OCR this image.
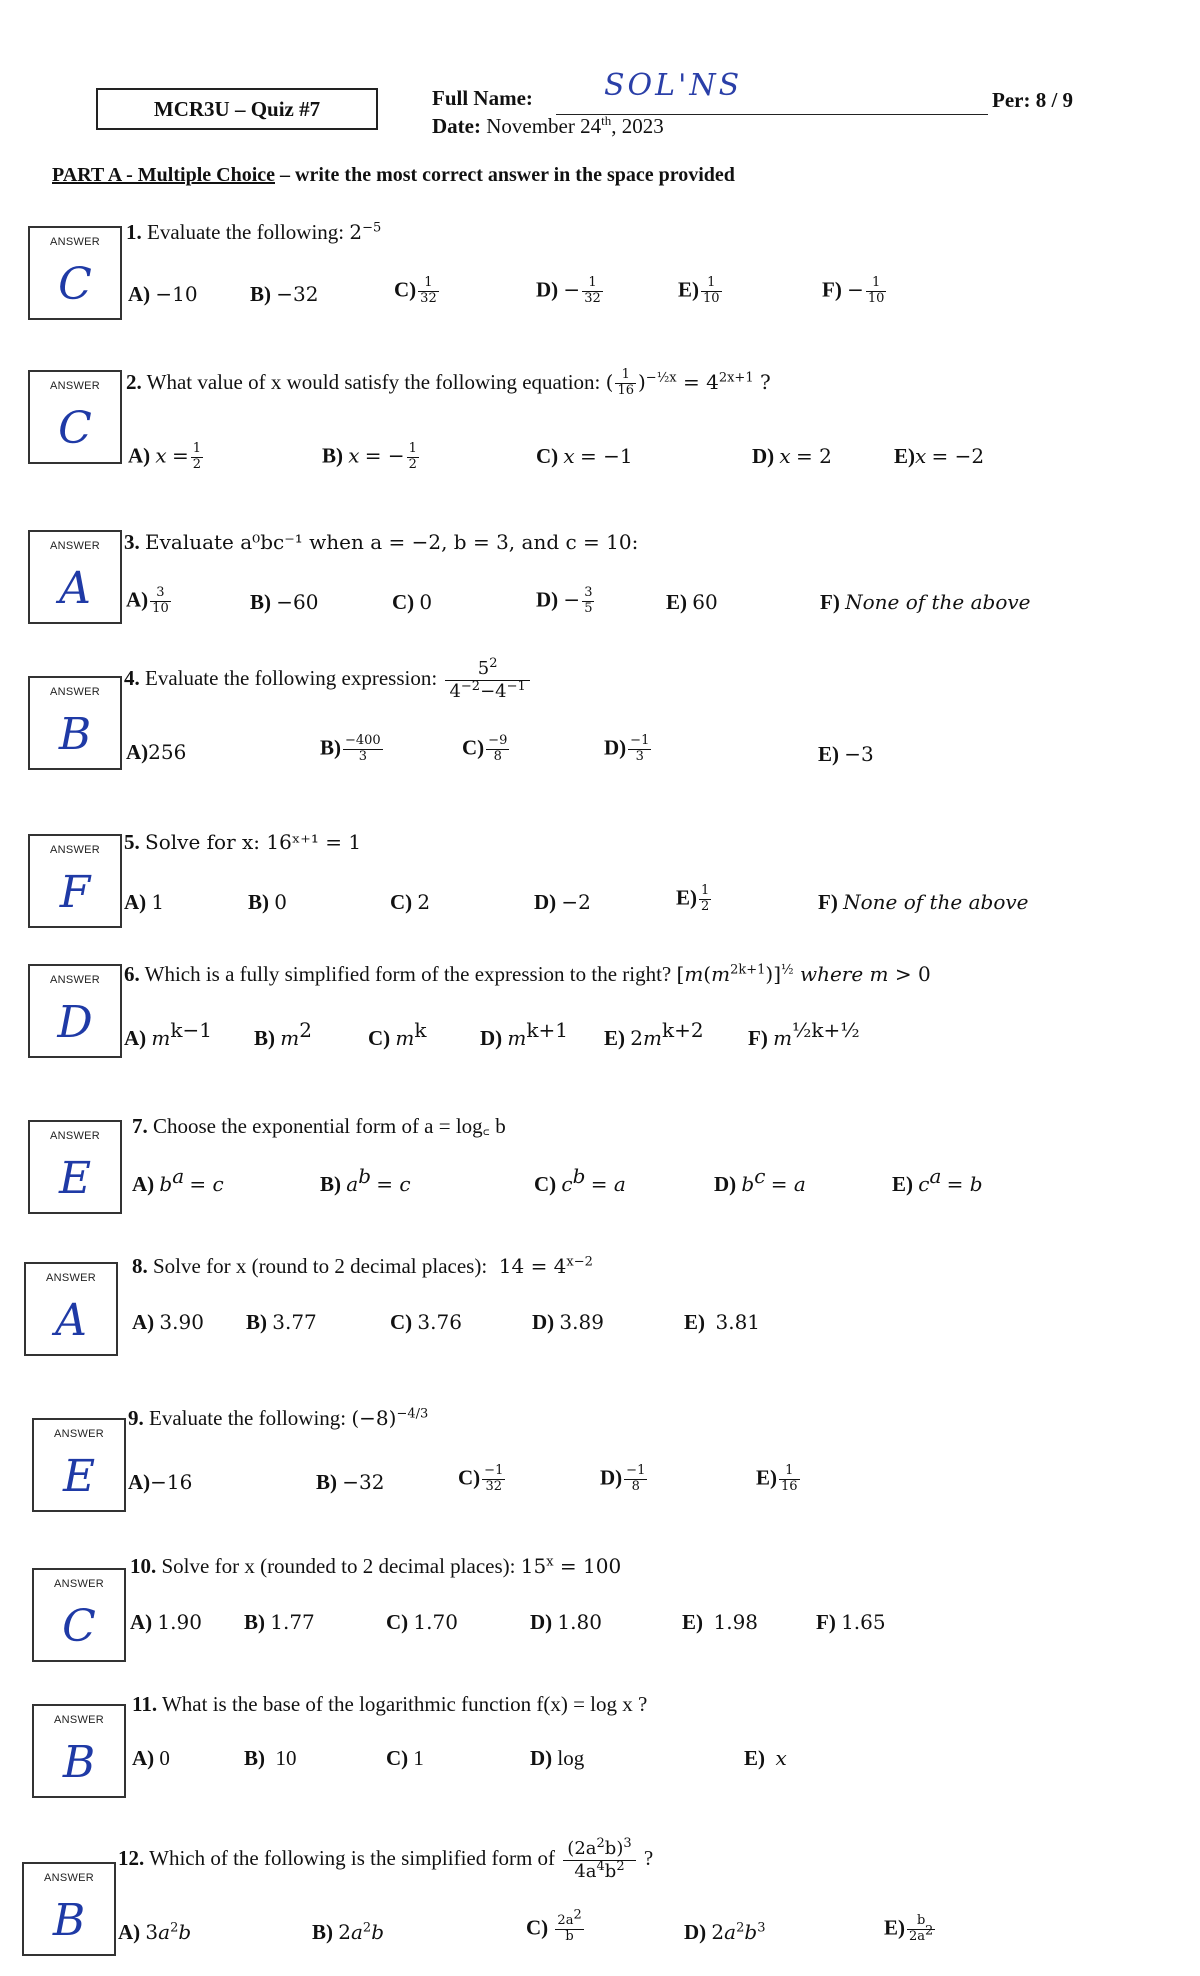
MCR3U – Quiz #7	Full Name: SOL'NS
Date: November 24th, 2023
Per: 8 / 9
PART A - Multiple Choice – write the most correct answer in the space provided
ANSWER
C
1. Evaluate the following: $2^{-5}$
A) −10 B) −32	$C) \frac{1}{32}$	$D) - \frac{1}{32}$	$E) \frac{1}{10}$	$F) - \frac{1}{10}$
ANSWER
C
2. What value of x would satisfy the following equation: ( $\frac{1}{16} )^{-\frac{1}{2}x} = 4^{2x+1}$ ?
A) $x = \frac{1}{2}$	B) x = − $\frac{1}{2}$	C) x = −1	D) x = 2	E)x = −2
ANSWER
A
3. Evaluate a⁰bc⁻¹ when a = −2, b = 3, and c = 10:
$A) \frac{3}{10}$	B) −60	C) 0	$D) - \frac{3}{5}$	E) 60	F) None of the above
ANSWER
B
4. Evaluate the following expression: $\frac{5^2}{4^{-2}-4^{-1}}$
A)256	$B) \frac{-400}{3}$	$C) \frac{-9}{8}$	$D) \frac{-1}{3}$	E) −3
ANSWER
F
5. Solve for x: 16ˣ⁺¹ = 1
A) 1	B) 0	C) 2	D) −2	$E) \frac{1}{2}$	F) None of the above
ANSWER
D
6. Which is a fully simplified form of the expression to the right? $[m(m^{2k+1})]^{\frac{1}{2}}$ where m > 0
A) $m^{k-1}$ B) $m^2$	C) $m^k$	D) $m^{k+1}$ E) $2m^{k+2}$ F) $m^{\frac{1}{2}k+\frac{1}{2}}$
ANSWER
E
7. Choose the exponential form of a = log꜀ b
A) $b^a = c$	B) $a^b = c$	C) $c^b = a$	D) $b^c = a$	E) $c^a = b$
ANSWER
A
8. Solve for x (round to 2 decimal places):  $14 = 4^{x-2}$
A) 3.90 B) 3.77	C) 3.76	D) 3.89	E) 3.81
ANSWER
E
9. Evaluate the following: $(-8)^{-4/3}$
A)−16	B) −32	$C) \frac{-1}{32}$	$D) \frac{-1}{8}$	$E) \frac{1}{16}$
ANSWER
C
10. Solve for x (rounded to 2 decimal places): $15^x = 100$
A) 1.90 B) 1.77	C) 1.70	D) 1.80	E) 1.98	F) 1.65
ANSWER
B
11. What is the base of the logarithmic function f(x) = log x ?
A) 0	B) 10	C) 1	D) log	E) x
ANSWER
B
12. Which of the following is the simplified form of $\frac{(2a^2b)^3}{4a^4b^2}$ ?
A) $3a^2b$	B) $2a^2b$	$C) \frac{2a^2}{b}$	D) $2a^2b^3$	$E) \frac{b}{2a^2}$
